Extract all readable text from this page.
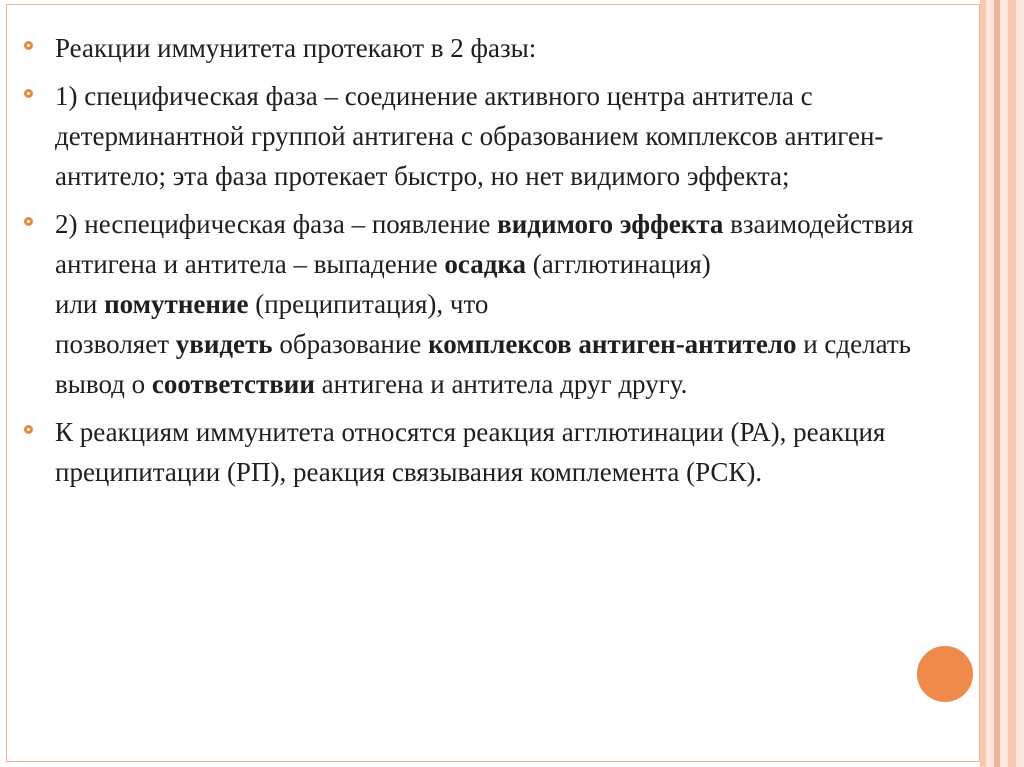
Реакции иммунитета протекают в 2 фазы:
1) специфическая фаза – соединение активного центра антитела с детерминантной группой антигена с образованием комплексов антиген-антитело; эта фаза протекает быстро, но нет видимого эффекта;
2) неспецифическая фаза – появление видимого эффекта взаимодействия антигена и антитела – выпадение осадка (агглютинация)
или помутнение (преципитация), что
позволяет увидеть образование комплексов антиген-антитело и сделать вывод о соответствии антигена и антитела друг другу.
К реакциям иммунитета относятся реакция агглютинации (РА), реакция преципитации (РП), реакция связывания комплемента (РСК).
